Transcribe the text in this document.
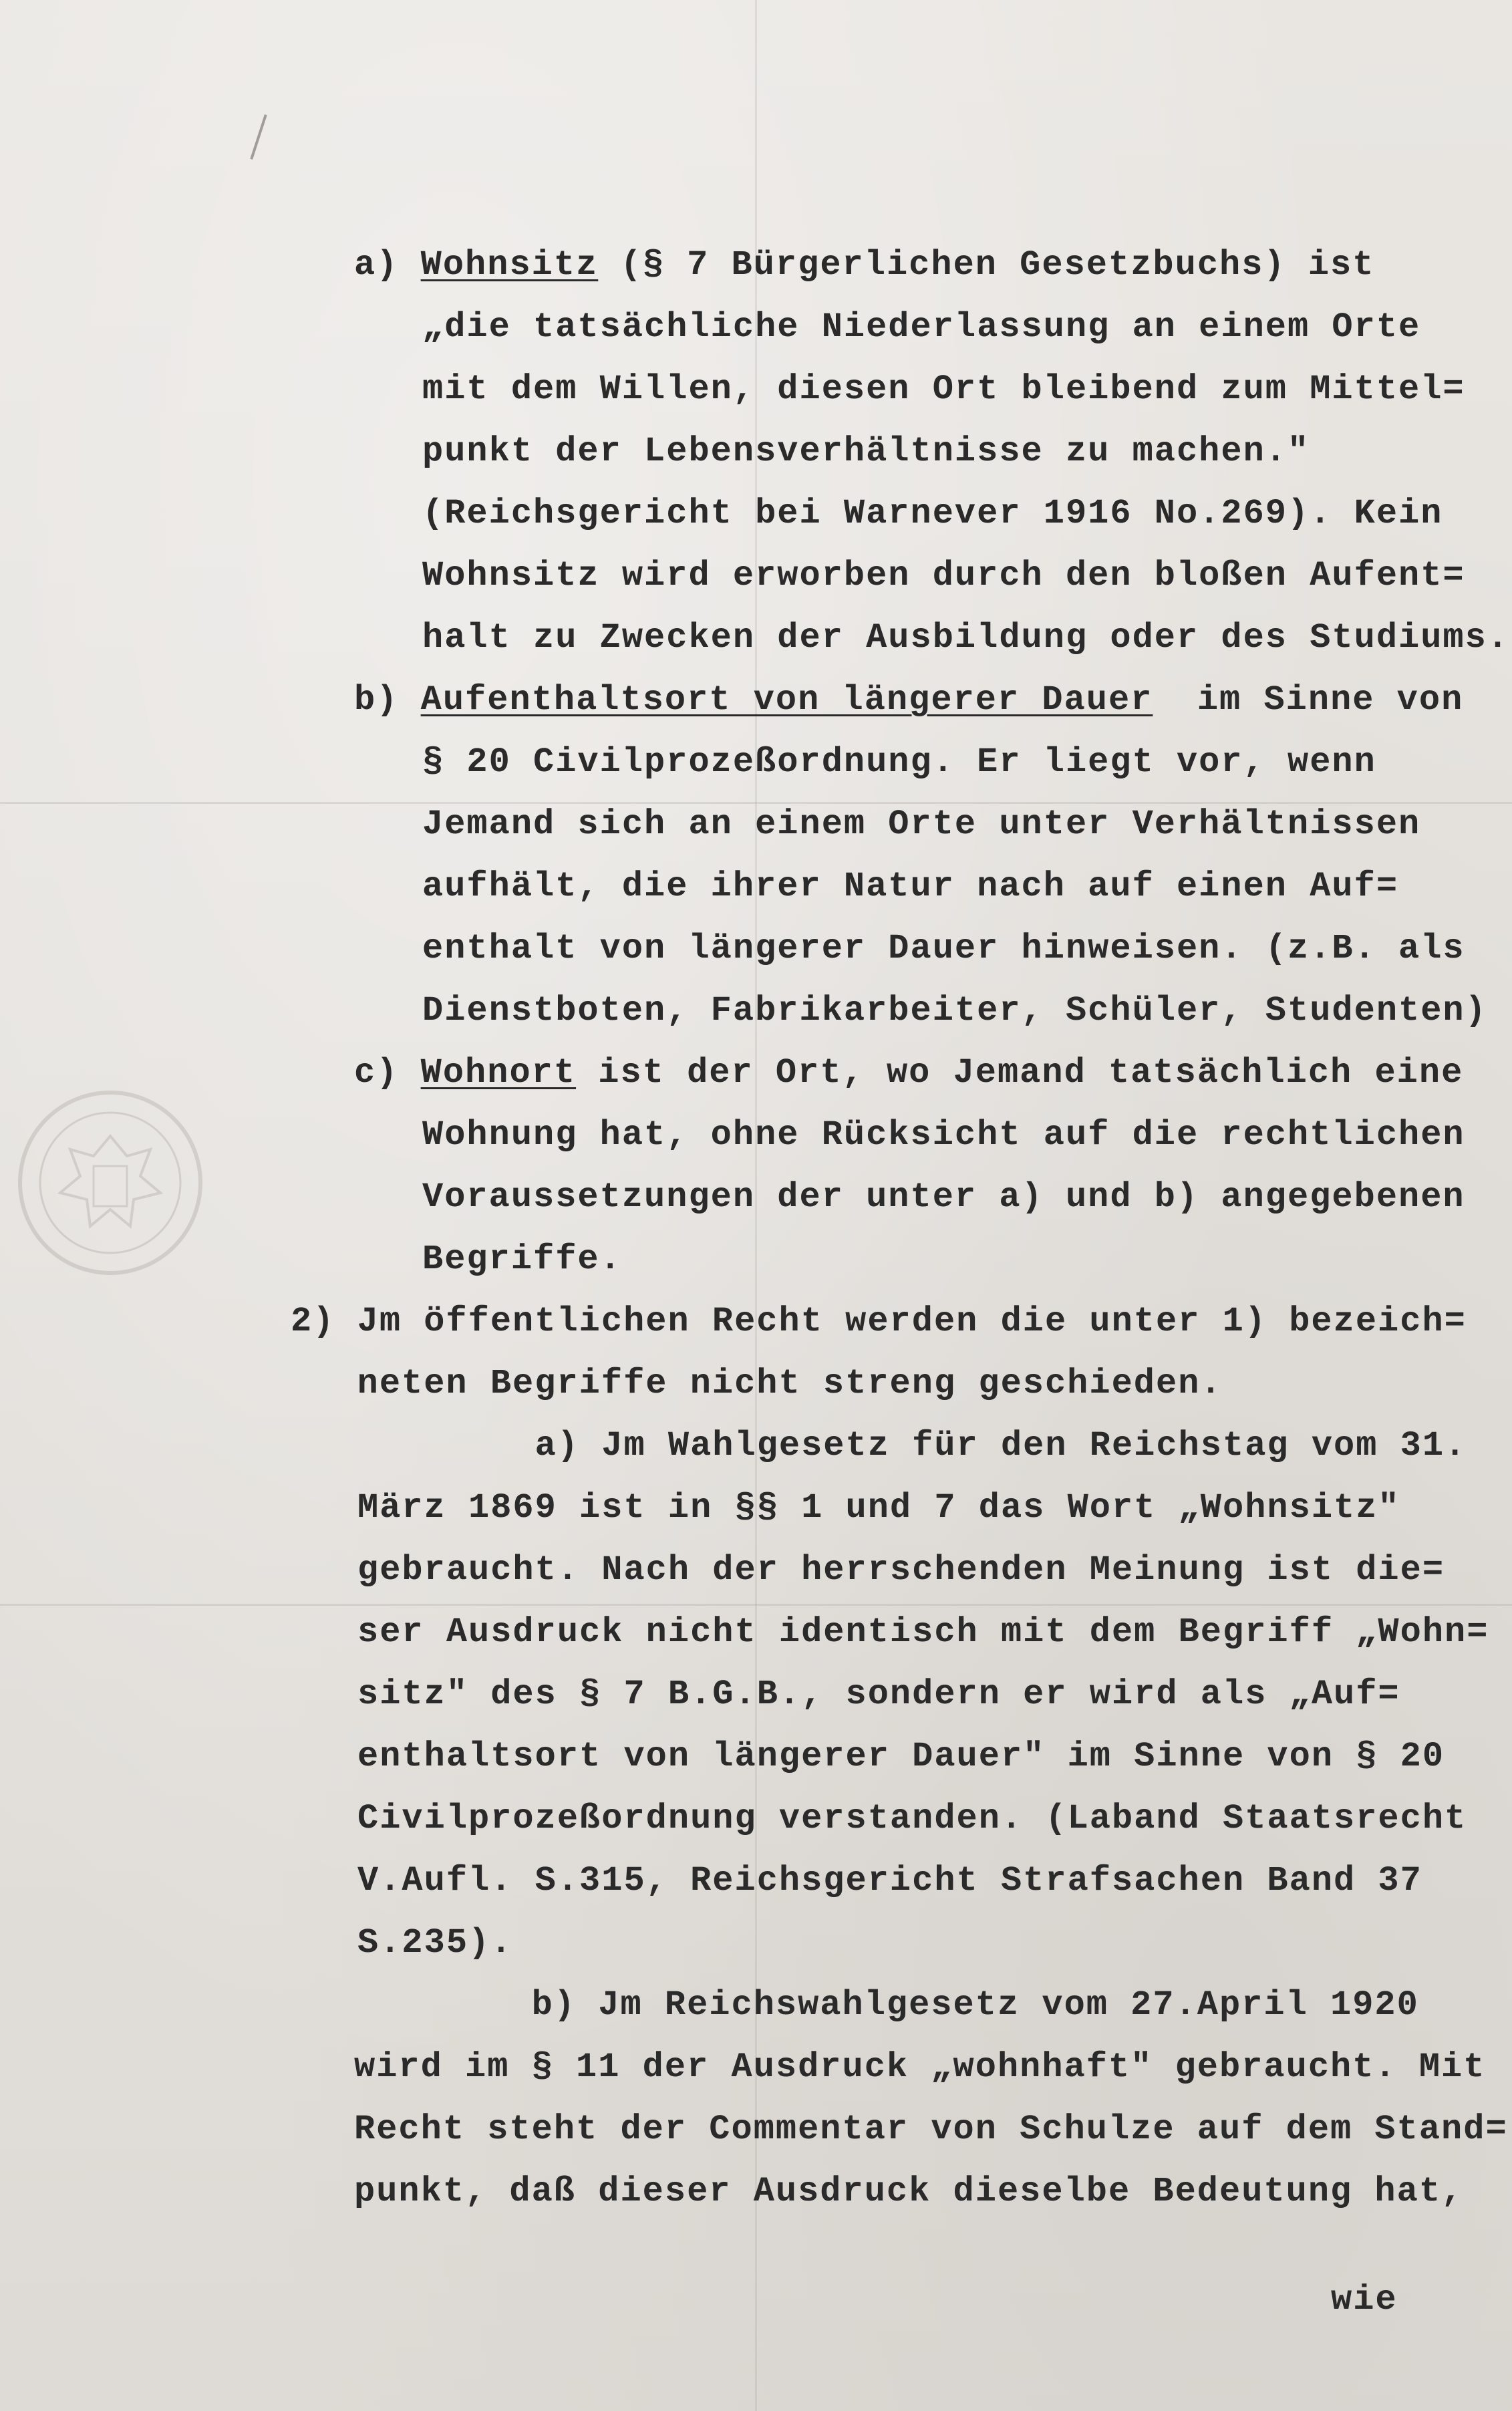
a) Wohnsitz (§ 7 Bürgerlichen Gesetzbuchs) ist
„die tatsächliche Niederlassung an einem Orte
mit dem Willen, diesen Ort bleibend zum Mittel=
punkt der Lebensverhältnisse zu machen."
(Reichsgericht bei Warnever 1916 No.269). Kein
Wohnsitz wird erworben durch den bloßen Aufent=
halt zu Zwecken der Ausbildung oder des Studiums.
b) Aufenthaltsort von längerer Dauer  im Sinne von
§ 20 Civilprozeßordnung. Er liegt vor, wenn
Jemand sich an einem Orte unter Verhältnissen
aufhält, die ihrer Natur nach auf einen Auf=
enthalt von längerer Dauer hinweisen. (z.B. als
Dienstboten, Fabrikarbeiter, Schüler, Studenten)
c) Wohnort ist der Ort, wo Jemand tatsächlich eine
Wohnung hat, ohne Rücksicht auf die rechtlichen
Voraussetzungen der unter a) und b) angegebenen
Begriffe.
2) Jm öffentlichen Recht werden die unter 1) bezeich=
neten Begriffe nicht streng geschieden.
a) Jm Wahlgesetz für den Reichstag vom 31.
März 1869 ist in §§ 1 und 7 das Wort „Wohnsitz"
gebraucht. Nach der herrschenden Meinung ist die=
ser Ausdruck nicht identisch mit dem Begriff „Wohn=
sitz" des § 7 B.G.B., sondern er wird als „Auf=
enthaltsort von längerer Dauer" im Sinne von § 20
Civilprozeßordnung verstanden. (Laband Staatsrecht
V.Aufl. S.315, Reichsgericht Strafsachen Band 37
S.235).
b) Jm Reichswahlgesetz vom 27.April 1920
wird im § 11 der Ausdruck „wohnhaft" gebraucht. Mit
Recht steht der Commentar von Schulze auf dem Stand=
punkt, daß dieser Ausdruck dieselbe Bedeutung hat,
wie
